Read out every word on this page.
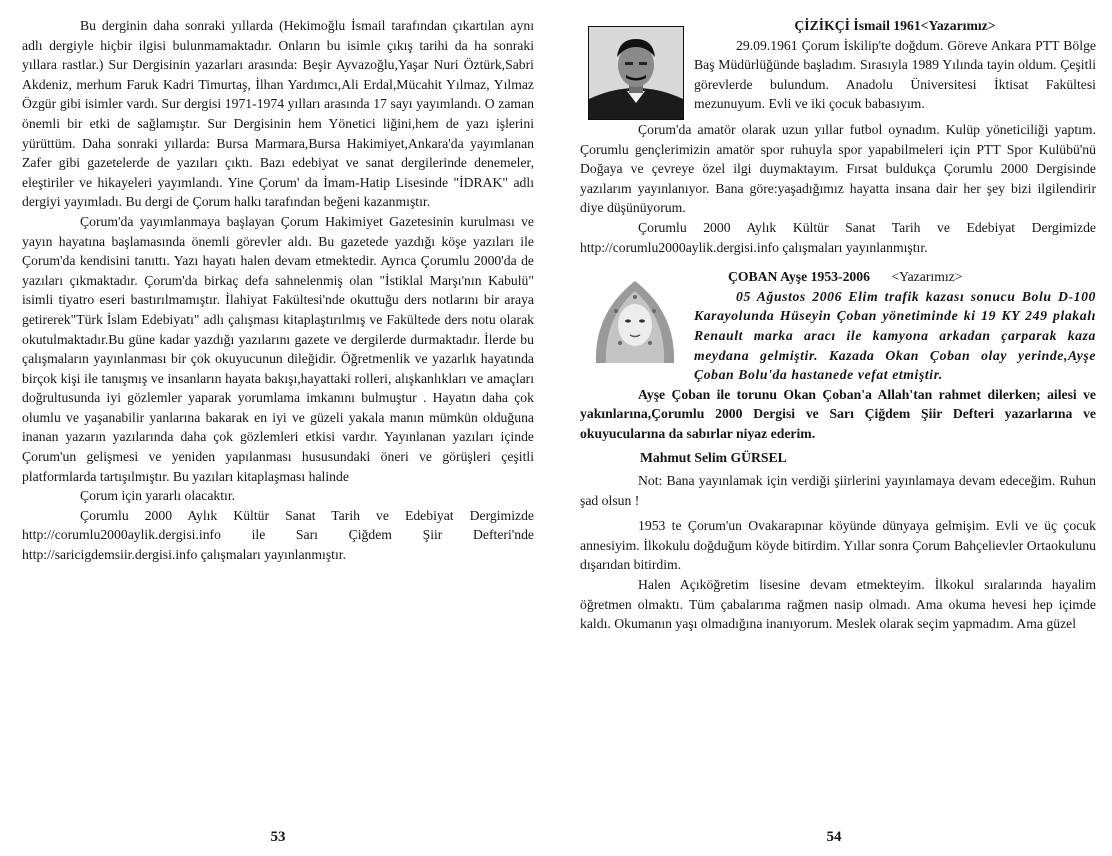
Bu derginin daha sonraki yıllarda (Hekimoğlu İsmail tarafından çıkartılan aynı adlı dergiyle hiçbir ilgisi bulunmamaktadır. Onların bu isimle çıkış tarihi da ha sonraki yıllara rastlar.) Sur Dergisinin yazarları arasında: Beşir Ayvazoğlu,Yaşar Nuri Öztürk,Sabri Akdeniz, merhum Faruk Kadri Timurtaş, İlhan Yardımcı,Ali Erdal,Mücahit Yılmaz, Yılmaz Özgür gibi isimler vardı. Sur dergisi 1971-1974 yılları arasında 17 sayı yayımlandı. O zaman önemli bir etki de sağlamıştır. Sur Dergisinin hem Yönetici liğini,hem de yazı işlerini yürüttüm. Daha sonraki yıllarda: Bursa Marmara,Bursa Hakimiyet,Ankara'da yayımlanan Zafer gibi gazetelerde de yazıları çıktı. Bazı edebiyat ve sanat dergilerinde denemeler, eleştiriler ve hikayeleri yayımlandı. Yine Çorum' da İmam-Hatip Lisesinde "İDRAK" adlı dergiyi yayımladı. Bu dergi de Çorum halkı tarafından beğeni kazanmıştır.

Çorum'da yayımlanmaya başlayan Çorum Hakimiyet Gazetesinin kurulması ve yayın hayatına başlamasında önemli görevler aldı. Bu gazetede yazdığı köşe yazıları ile Çorum'da kendisini tanıttı. Yazı hayatı halen devam etmektedir. Ayrıca Çorumlu 2000'da de yazıları çıkmaktadır. Çorum'da birkaç defa sahnelenmiş olan "İstiklal Marşı'nın Kabulü" isimli tiyatro eseri bastırılmamıştır. İlahiyat Fakültesi'nde okuttuğu ders notlarını bir araya getirerek"Türk İslam Edebiyatı" adlı çalışması kitaplaştırılmış ve Fakültede ders notu olarak okutulmaktadır.Bu güne kadar yazdığı yazılarını gazete ve dergilerde durmaktadır. İlerde bu çalışmaların yayınlanması bir çok okuyucunun dileğidir. Öğretmenlik ve yazarlık hayatında birçok kişi ile tanışmış ve insanların hayata bakışı,hayattaki rolleri, alışkanlıkları ve amaçları doğrultusunda iyi gözlemler yaparak yorumlama imkanını bulmuştur . Hayatın daha çok olumlu ve yaşanabilir yanlarına bakarak en iyi ve güzeli yakala manın mümkün olduğuna inanan yazarın yazılarında daha çok gözlemleri etkisi vardır. Yayınlanan yazıları içinde Çorum'un gelişmesi ve yeniden yapılanması hususundaki öneri ve görüşleri çeşitli platformlarda tartışılmıştır. Bu yazıları kitaplaşması halinde

Çorum için yararlı olacaktır.

Çorumlu 2000 Aylık Kültür Sanat Tarih ve Edebiyat Dergimizde http://corumlu2000aylik.dergisi.info ile Sarı Çiğdem Şiir Defteri'nde http://saricigdemsiir.dergisi.info çalışmaları yayınlanmıştır.

53
ÇİZİKÇİ İsmail 1961<Yazarımız>

29.09.1961 Çorum İskilip'te doğdum. Göreve Ankara PTT Bölge Baş Müdürlüğünde başladım. Sırasıyla 1989 Yılında tayin oldum. Çeşitli görevlerde bulundum. Anadolu Üniversitesi İktisat Fakültesi mezunuyum. Evli ve iki çocuk babasıyım.

Çorum'da amatör olarak uzun yıllar futbol oynadım. Kulüp yöneticiliği yaptım. Çorumlu gençlerimizin amatör spor ruhuyla spor yapabilmeleri için PTT Spor Kulübü'nü Doğaya ve çevreye özel ilgi duymaktayım. Fırsat buldukça Çorumlu 2000 Dergisinde yazılarım yayınlanıyor. Bana göre:yaşadığımız hayatta insana dair her şey bizi ilgilendirir diye düşünüyorum.

Çorumlu 2000 Aylık Kültür Sanat Tarih ve Edebiyat Dergimizde http://corumlu2000aylik.dergisi.info çalışmaları yayınlanmıştır.

ÇOBAN Ayşe 1953-2006 <Yazarımız>

05 Ağustos 2006 Elim trafik kazası sonucu Bolu D-100 Karayolunda Hüseyin Çoban yönetiminde ki 19 KY 249 plakalı Renault marka aracı ile kamyona arkadan çarparak kaza meydana gelmiştir. Kazada Okan Çoban olay yerinde,Ayşe Çoban Bolu'da hastanede vefat etmiştir.

Ayşe Çoban ile torunu Okan Çoban'a Allah'tan rahmet dilerken; ailesi ve yakınlarına,Çorumlu 2000 Dergisi ve Sarı Çiğdem Şiir Defteri yazarlarına ve okuyucularına da sabırlar niyaz ederim.

Mahmut Selim GÜRSEL

Not: Bana yayınlamak için verdiği şiirlerini yayınlamaya devam edeceğim. Ruhun şad olsun !

1953 te Çorum'un Ovakarapınar köyünde dünyaya gelmişim. Evli ve üç çocuk annesiyim. İlkokulu doğduğum köyde bitirdim. Yıllar sonra Çorum Bahçelievler Ortaokulunu dışarıdan bitirdim.

Halen Açıköğretim lisesine devam etmekteyim. İlkokul sıralarında hayalim öğretmen olmaktı. Tüm çabalarıma rağmen nasip olmadı. Ama okuma hevesi hep içimde kaldı. Okumanın yaşı olmadığına inanıyorum. Meslek olarak seçim yapmadım. Ama güzel

54
